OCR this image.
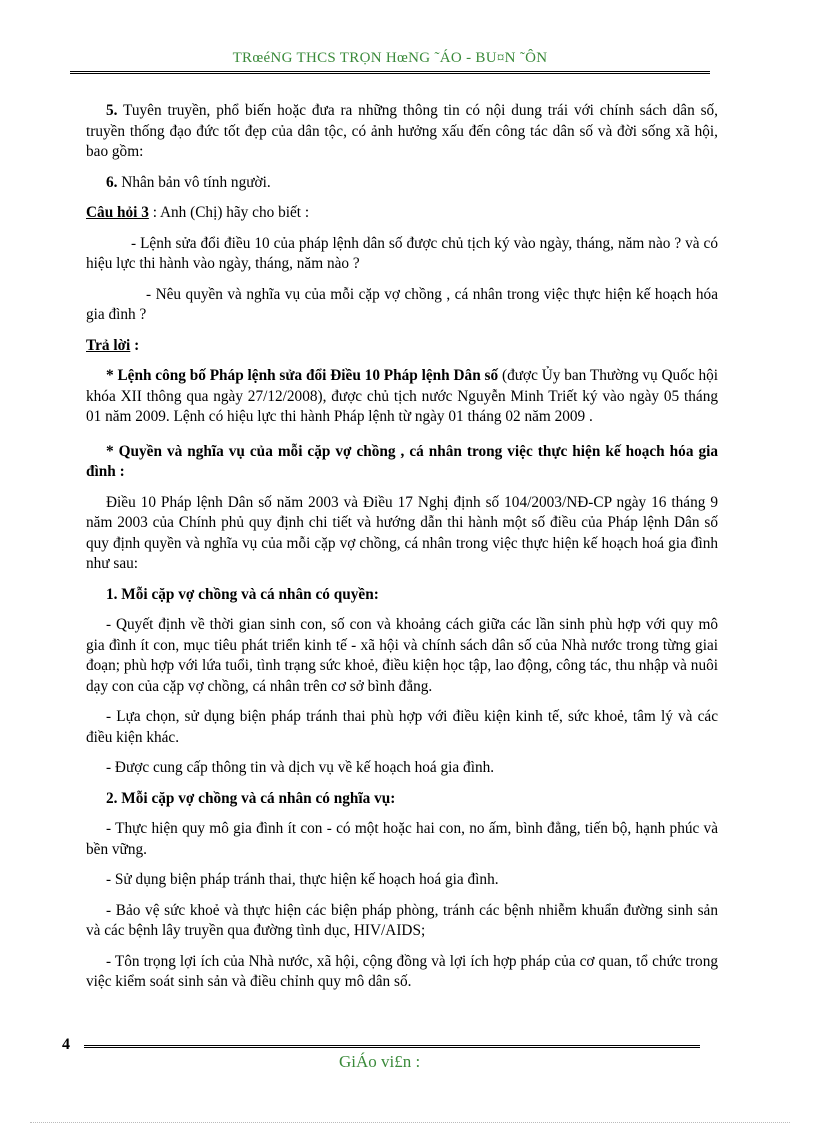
TRœéNG THCS TRỌN HœNG ˜ÁO - BU¤N ˜ÔN

5. Tuyên truyền, phổ biến hoặc đưa ra những thông tin có nội dung trái với chính sách dân số, truyền thống đạo đức tốt đẹp của dân tộc, có ảnh hưởng xấu đến công tác dân số và đời sống xã hội, bao gồm:

6. Nhân bản vô tính người.

Câu hỏi 3 : Anh (Chị) hãy cho biết :

- Lệnh sửa đổi điều 10 của pháp lệnh dân số được chủ tịch ký vào ngày, tháng, năm nào ? và có hiệu lực thi hành vào ngày, tháng, năm nào ?

- Nêu quyền và nghĩa vụ của mỗi cặp vợ chồng , cá nhân trong việc thực hiện kế hoạch hóa gia đình ?

Trả lời :

* Lệnh công bố Pháp lệnh sửa đổi Điều 10 Pháp lệnh Dân số (được Ủy ban Thường vụ Quốc hội khóa XII thông qua ngày 27/12/2008), được chủ tịch nước Nguyễn Minh Triết ký vào ngày 05 tháng 01 năm 2009. Lệnh có hiệu lực thi hành Pháp lệnh từ ngày 01 tháng 02 năm 2009 .

* Quyền và nghĩa vụ của mỗi cặp vợ chồng , cá nhân trong việc thực hiện kế hoạch hóa gia đình :

Điều 10 Pháp lệnh Dân số năm 2003 và Điều 17 Nghị định số 104/2003/NĐ-CP ngày 16 tháng 9 năm 2003 của Chính phủ quy định chi tiết và hướng dẫn thi hành một số điều của Pháp lệnh Dân số quy định quyền và nghĩa vụ của mỗi cặp vợ chồng, cá nhân trong việc thực hiện kế hoạch hoá gia đình như sau:

1. Mỗi cặp vợ chồng và cá nhân có quyền:

- Quyết định về thời gian sinh con, số con và khoảng cách giữa các lần sinh phù hợp với quy mô gia đình ít con, mục tiêu phát triển kinh tế - xã hội và chính sách dân số của Nhà nước trong từng giai đoạn; phù hợp với lứa tuổi, tình trạng sức khoẻ, điều kiện học tập, lao động, công tác, thu nhập và nuôi dạy con của cặp vợ chồng, cá nhân trên cơ sở bình đẳng.

- Lựa chọn, sử dụng biện pháp tránh thai phù hợp với điều kiện kinh tế, sức khoẻ, tâm lý và các điều kiện khác.

- Được cung cấp thông tin và dịch vụ về kế hoạch hoá gia đình.

2. Mỗi cặp vợ chồng và cá nhân có nghĩa vụ:

- Thực hiện quy mô gia đình ít con - có một hoặc hai con, no ấm, bình đẳng, tiến bộ, hạnh phúc và bền vững.

- Sử dụng biện pháp tránh thai, thực hiện kế hoạch hoá gia đình.

- Bảo vệ sức khoẻ và thực hiện các biện pháp phòng, tránh các bệnh nhiễm khuẩn đường sinh sản và các bệnh lây truyền qua đường tình dục, HIV/AIDS;

- Tôn trọng lợi ích của Nhà nước, xã hội, cộng đồng và lợi ích hợp pháp của cơ quan, tổ chức trong việc kiểm soát sinh sản và điều chỉnh quy mô dân số.

4
GiÁo vi£n :
